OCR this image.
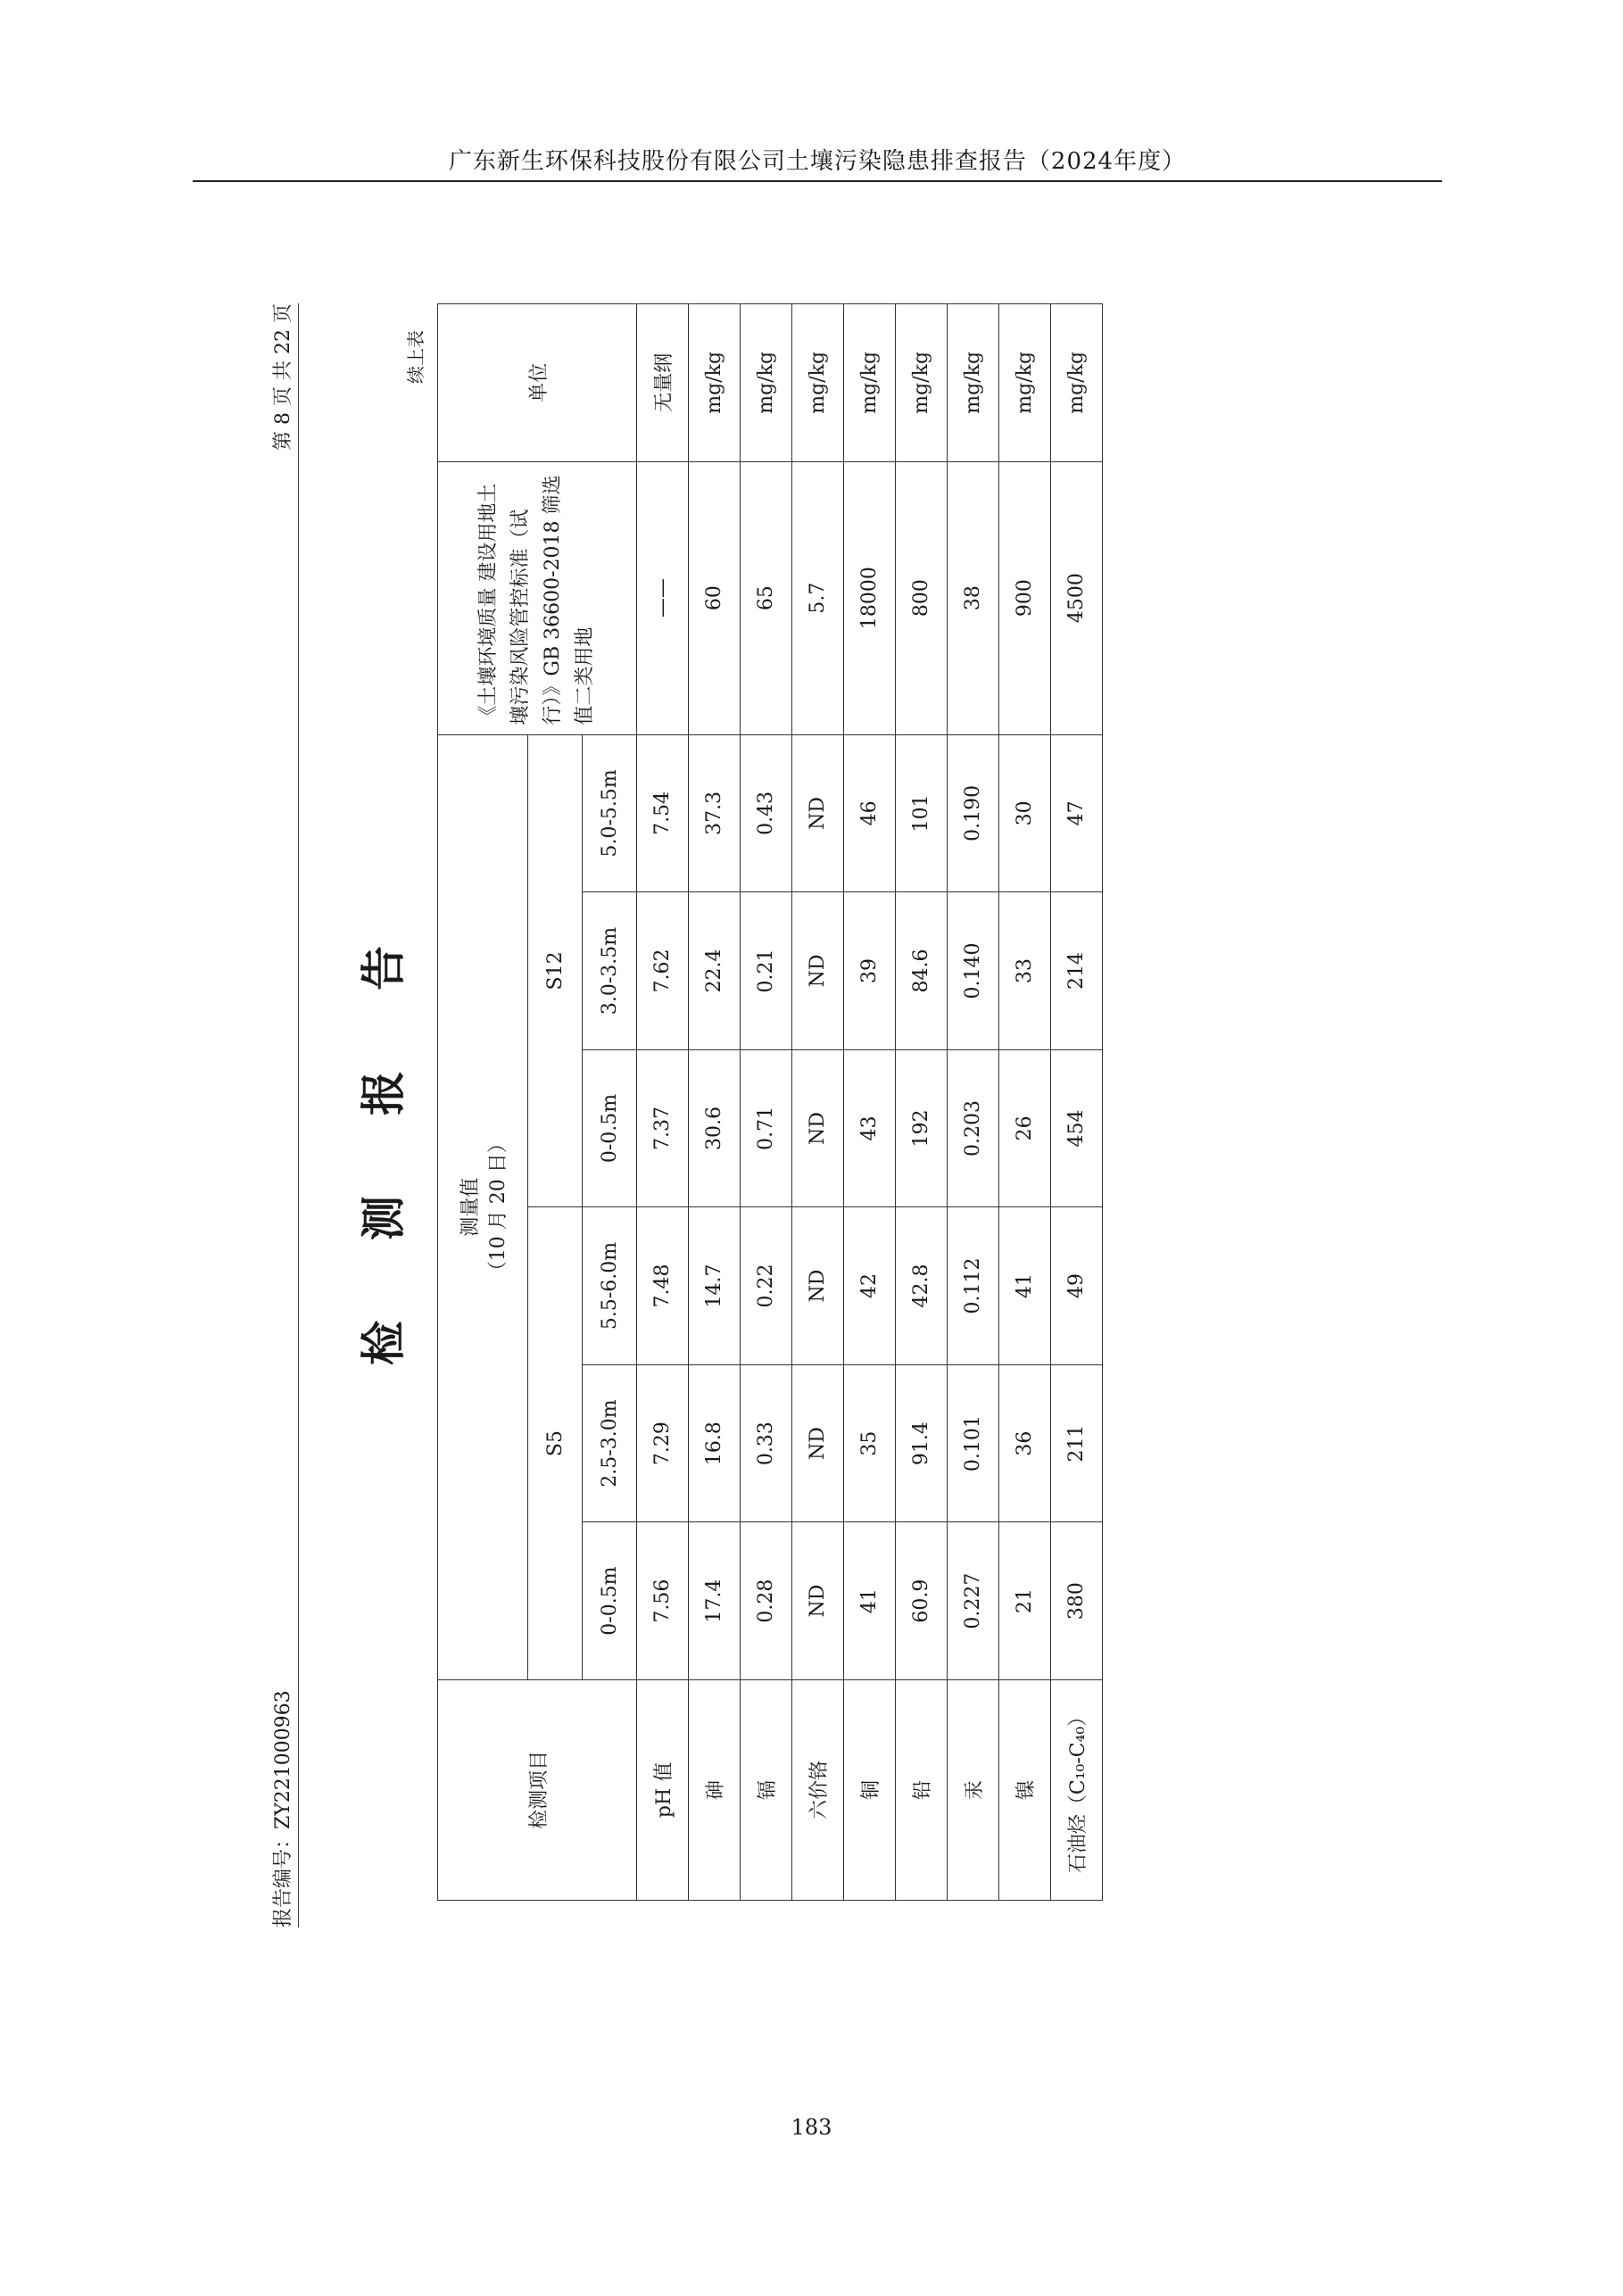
广东新生环保科技股份有限公司土壤污染隐患排查报告（2024年度）
报告编号：ZY221000963
第 8 页 共 22 页
检测报告
续上表
检测项目	测量值 （10 月 20 日）						《土壤环境质量 建设用地土壤污染风险管控标准（试行）》GB 36600-2018 筛选值二类用地	单位
	S5			S12				
	0-0.5m	2.5-3.0m	5.5-6.0m	0-0.5m	3.0-3.5m	5.0-5.5m		
pH 值	7.56	7.29	7.48	7.37	7.62	7.54	——	无量纲
砷	17.4	16.8	14.7	30.6	22.4	37.3	60	mg/kg
镉	0.28	0.33	0.22	0.71	0.21	0.43	65	mg/kg
六价铬	ND	ND	ND	ND	ND	ND	5.7	mg/kg
铜	41	35	42	43	39	46	18000	mg/kg
铅	60.9	91.4	42.8	192	84.6	101	800	mg/kg
汞	0.227	0.101	0.112	0.203	0.140	0.190	38	mg/kg
镍	21	36	41	26	33	30	900	mg/kg
石油烃（C₁₀-C₄₀）	380	211	49	454	214	47	4500	mg/kg
183
